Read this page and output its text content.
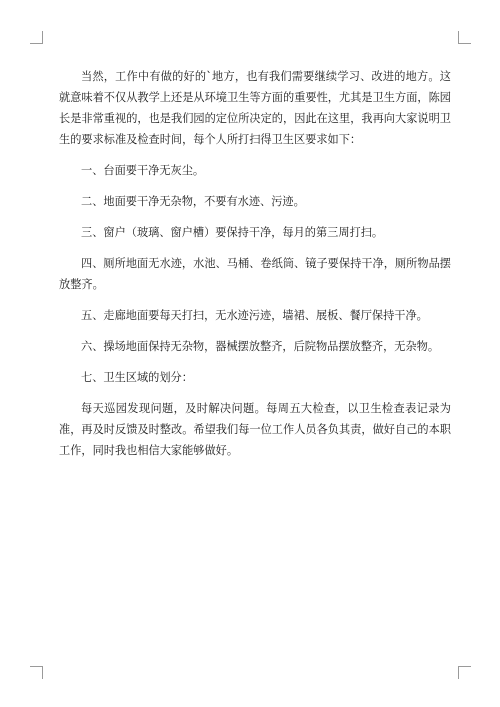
当然，工作中有做的好的`地方，也有我们需要继续学习、改进的地方。这就意味着不仅从教学上还是从环境卫生等方面的重要性，尤其是卫生方面，陈园长是非常重视的，也是我们园的定位所决定的，因此在这里，我再向大家说明卫生的要求标准及检查时间，每个人所打扫得卫生区要求如下：

一、台面要干净无灰尘。

二、地面要干净无杂物，不要有水迹、污迹。

三、窗户（玻璃、窗户槽）要保持干净，每月的第三周打扫。

四、厕所地面无水迹，水池、马桶、卷纸筒、镜子要保持干净，厕所物品摆放整齐。

五、走廊地面要每天打扫，无水迹污迹，墙裙、展板、餐厅保持干净。

六、操场地面保持无杂物，器械摆放整齐，后院物品摆放整齐，无杂物。

七、卫生区域的划分：

每天巡园发现问题，及时解决问题。每周五大检查，以卫生检查表记录为准，再及时反馈及时整改。希望我们每一位工作人员各负其责，做好自己的本职工作，同时我也相信大家能够做好。
